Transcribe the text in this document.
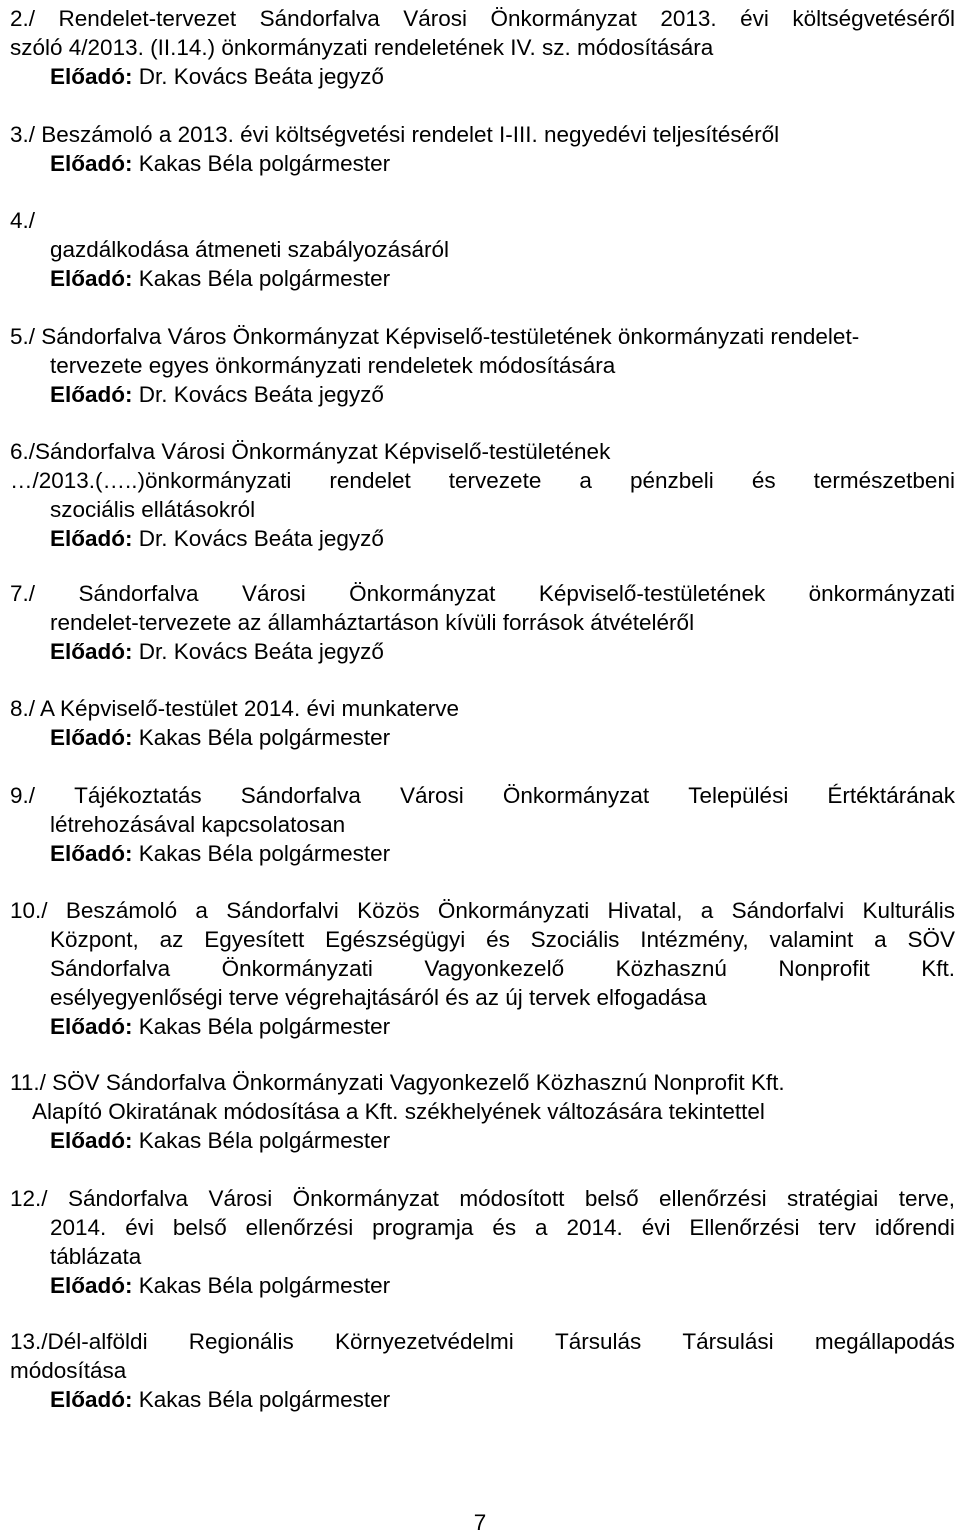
2./ Rendelet-tervezet Sándorfalva Városi Önkormányzat 2013. évi költségvetéséről
szóló 4/2013. (II.14.) önkormányzati rendeletének IV. sz. módosítására
Előadó: Dr. Kovács Beáta jegyző
3./ Beszámoló a 2013. évi költségvetési rendelet I-III. negyedévi teljesítéséről
Előadó: Kakas Béla polgármester
4./
gazdálkodása átmeneti szabályozásáról
Előadó: Kakas Béla polgármester
5./ Sándorfalva Város Önkormányzat Képviselő-testületének önkormányzati rendelet-
tervezete egyes önkormányzati rendeletek módosítására
Előadó: Dr. Kovács Beáta jegyző
6./Sándorfalva Városi Önkormányzat Képviselő-testületének
…/2013.(…..)önkormányzati rendelet tervezete a pénzbeli és természetbeni
szociális ellátásokról
Előadó: Dr. Kovács Beáta jegyző
7./ Sándorfalva Városi Önkormányzat Képviselő-testületének önkormányzati
rendelet-tervezete az államháztartáson kívüli források átvételéről
Előadó: Dr. Kovács Beáta jegyző
8./ A Képviselő-testület 2014. évi munkaterve
Előadó: Kakas Béla polgármester
9./ Tájékoztatás Sándorfalva Városi Önkormányzat Települési Értéktárának
létrehozásával kapcsolatosan
Előadó: Kakas Béla polgármester
10./ Beszámoló a Sándorfalvi Közös Önkormányzati Hivatal, a Sándorfalvi Kulturális
Központ, az Egyesített Egészségügyi és Szociális Intézmény, valamint a SÖV
Sándorfalva Önkormányzati Vagyonkezelő Közhasznú Nonprofit Kft.
esélyegyenlőségi terve végrehajtásáról és az új tervek elfogadása
Előadó: Kakas Béla polgármester
11./ SÖV Sándorfalva Önkormányzati Vagyonkezelő Közhasznú Nonprofit Kft.
Alapító Okiratának módosítása a Kft. székhelyének változására tekintettel
Előadó: Kakas Béla polgármester
12./ Sándorfalva Városi Önkormányzat módosított belső ellenőrzési stratégiai terve,
2014. évi belső ellenőrzési programja és a 2014. évi Ellenőrzési terv időrendi
táblázata
Előadó: Kakas Béla polgármester
13./Dél-alföldi Regionális Környezetvédelmi Társulás Társulási megállapodás
módosítása
Előadó: Kakas Béla polgármester
7
